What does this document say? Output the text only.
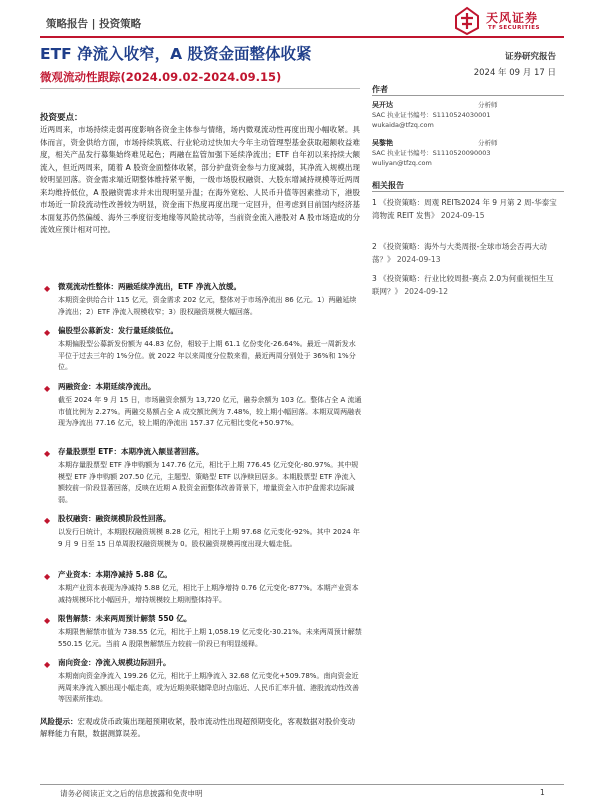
策略报告 | 投资策略	天风证券
TF SECURITIES
ETF 净流入收窄，A 股资金面整体收紧
微观流动性跟踪(2024.09.02-2024.09.15)
证券研究报告
2024 年 09 月 17 日
作者
吴开达	分析师
SAC 执业证书编号：S1110524030001
wukaida@tfzq.com
吴黎艳	分析师
SAC 执业证书编号：S1110520090003
wuliyan@tfzq.com
相关报告
1 《投资策略：周观 REITs2024 年 9 月第 2 周-华泰宝湾物流 REIT 发售》 2024-09-15
2 《投资策略：海外与大类周报-全球市场会否再大动荡？》 2024-09-13
3 《投资策略：行业比较周报-赛点 2.0为何重视恒生互联网？》 2024-09-12
投资要点：
近两周来，市场持续走弱再度影响各资金主体参与情绪，场内微观流动性再度出现小幅收紧。具体而言，资金供给方面，市场持续筑底、行业轮动过快加大今年主动管理型基金获取超额收益难度，相关产品发行募集始终难见起色；两融在监管加强下延续净流出；ETF 自年初以来持续大额流入，但近两周来，随着 A 股资金面整体收紧，部分护盘资金参与力度减弱，其净流入规模出现较明显回落。资金需求端近期整体维持紧平衡，一级市场股权融资、大股东增减持规模等近两周来均维持低位，A 股融资需求并未出现明显升温；在海外宽松、人民币升值等因素推动下，港股市场近一阶段流动性改善较为明显，资金南下热度再度出现一定回升，但考虑到目前国内经济基本面复苏仍然偏缓、海外三季度衍变地缘等风险扰动等，当前资金流入港股对 A 股市场造成的分流效应预计相对可控。
◆ 微观流动性整体：两融延续净流出，ETF 净流入放缓。
本期资金供给合计 115 亿元，资金需求 202 亿元，整体对于市场净流出 86 亿元。1）两融延续净流出；2）ETF 净流入规模收窄；3）股权融资规模大幅回落。
◆ 偏股型公募新发：发行量延续低位。
本期偏股型公募新发份额为 44.83 亿份，相较于上期 61.1 亿份变化-26.64%。最近一周新发水平位于过去三年的 1%分位。就 2022 年以来周度分位数来看，最近两周分别处于 36%和 1%分位。
◆ 两融资金：本期延续净流出。
截至 2024 年 9 月 15 日，市场融资余额为 13,720 亿元，融券余额为 103 亿。整体占全 A 流通市值比例为 2.27%。两融交易额占全 A 成交额比例为 7.48%，较上期小幅回落。本期双周两融表现为净流出 77.16 亿元，较上期的净流出 157.37 亿元相比变化+50.97%。
◆ 存量股票型 ETF：本期净流入额显著回落。
本期存量股票型 ETF 净申购额为 147.76 亿元，相比于上期 776.45 亿元变化-80.97%。其中规模型 ETF 净申购额 207.50 亿元，主题型、策略型 ETF 以净赎回居多。本期股票型 ETF 净流入额较前一阶段显著回落，反映在近期 A 股资金面整体改善背景下，增量资金入市护盘需求边际减弱。
◆ 股权融资：融资规模阶段性回落。
以发行日统计，本期股权融资规模 8.28 亿元，相比于上期 97.68 亿元变化-92%。其中 2024 年 9 月 9 日至 15 日单周股权融资规模为 0。股权融资规模再度出现大幅走低。
◆ 产业资本：本期净减持 5.88 亿。
本期产业资本表现为净减持 5.88 亿元，相比于上期净增持 0.76 亿元变化-877%。本期产业资本减持规模环比小幅回升，增持规模较上期则整体持平。
◆ 限售解禁：未来两周预计解禁 550 亿。
本期限售解禁市值为 738.55 亿元，相比于上期 1,058.19 亿元变化-30.21%。未来两周预计解禁 550.15 亿元。当前 A 股限售解禁压力较前一阶段已有明显缓释。
◆ 南向资金：净流入规模边际回升。
本期南向资金净流入 199.26 亿元，相比于上期净流入 32.68 亿元变化+509.78%。南向资金近两周来净流入额出现小幅走高，或为近期美联储降息时点临近、人民币汇率升值、港股流动性改善等因素所推动。
风险提示：宏观或货币政策出现超预期收紧，股市流动性出现超预期变化，客观数据对股价变动解释能力有限，数据测算误差。
请务必阅读正文之后的信息披露和免责申明	1
